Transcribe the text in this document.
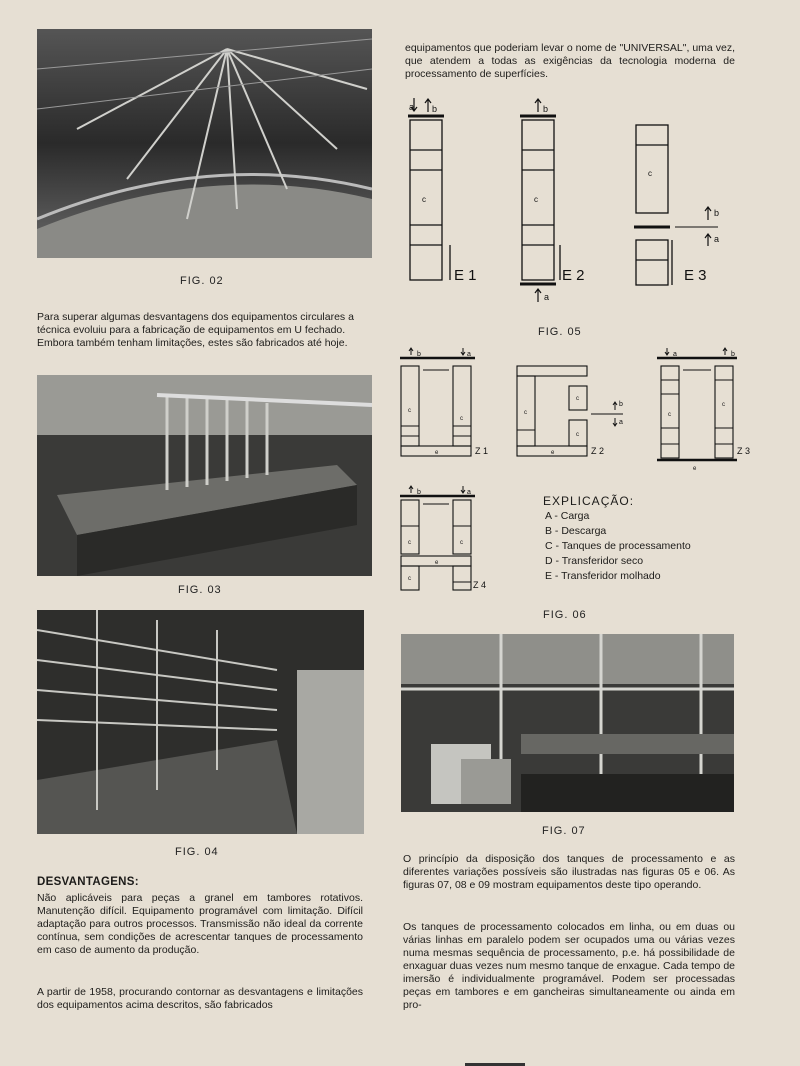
FIG. 02

Para superar algumas desvantagens dos equipamentos circulares a técnica evoluiu para a fabricação de equipamentos em U fechado. Embora também tenham limitações, estes são fabricados até hoje.

FIG. 03
FIG. 04
DESVANTAGENS:

Não aplicáveis para peças a granel em tambores rotativos. Manutenção difícil. Equipamento programável com limitação. Difícil adaptação para outros processos. Transmissão não ideal da corrente contínua, sem condições de acrescentar tanques de processamento em caso de aumento da produção.

A partir de 1958, procurando contornar as desvantagens e limitações dos equipamentos acima descritos, são fabricados

equipamentos que poderiam levar o nome de "UNIVERSAL", uma vez, que atendem a todas as exigências da tecnologia moderna de processamento de superfícies.

a b
c
E 1
b
c
E 2
a
c
E 3
b
a
FIG. 05
b	a
c
c
e	Z 1
c
c
c
e	Z 2
b
a
a	b
c
c
e
Z 3
b	a
c	c
c
e
Z 4
EXPLICAÇÃO:
A - Carga
B - Descarga
C - Tanques de processamento
D - Transferidor seco
E - Transferidor molhado
FIG. 06
FIG. 07

O princípio da disposição dos tanques de processamento e as diferentes variações possíveis são ilustradas nas figuras 05 e 06. As figuras 07, 08 e 09 mostram equipamentos deste tipo operando.

Os tanques de processamento colocados em linha, ou em duas ou várias linhas em paralelo podem ser ocupados uma ou várias vezes numa mesmas sequência de processamento, p.e. há possibilidade de enxaguar duas vezes num mesmo tanque de enxague. Cada tempo de imersão é individualmente programável. Podem ser processadas peças em tambores e em gancheiras simultaneamente ou ainda em pro-
